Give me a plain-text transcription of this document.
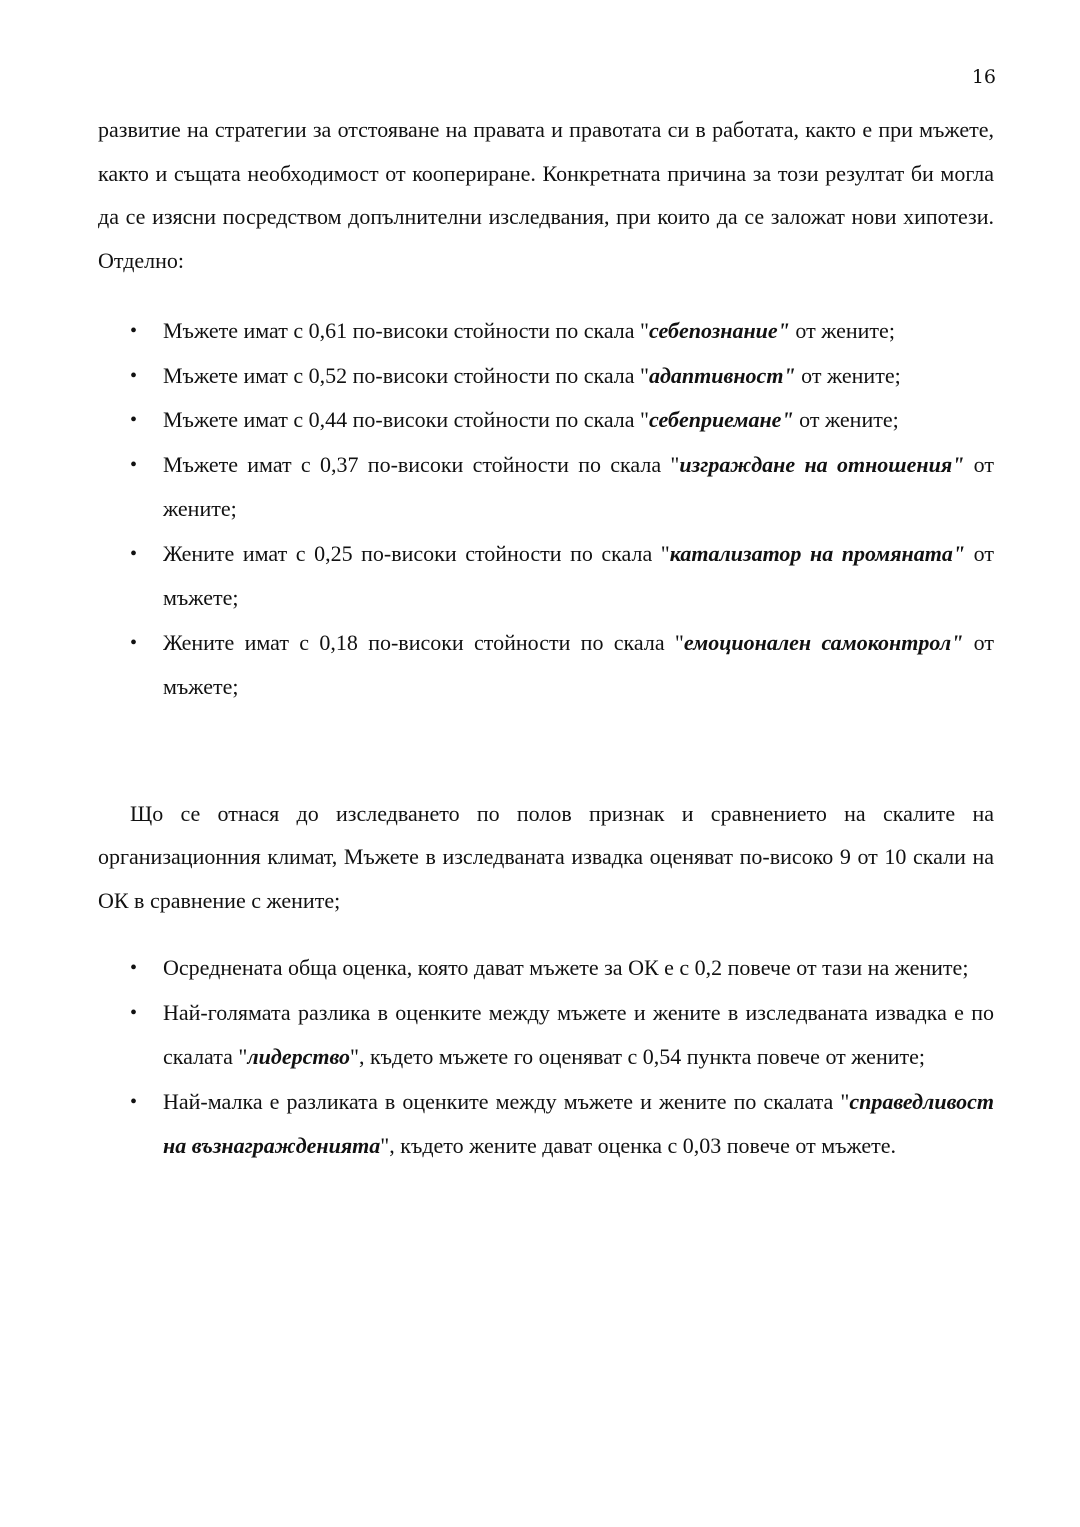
16

развитие на стратегии за отстояване на правата и правотата си в работата, както е при мъжете, както и същата необходимост от коопериране. Конкретната причина за този резултат би могла да се изясни посредством допълнителни изследвания, при които да се заложат нови хипотези. Отделно:

• Мъжете имат с 0,61 по-високи стойности по скала "себепознание" от жените;
• Мъжете имат с 0,52 по-високи стойности по скала "адаптивност" от жените;
• Мъжете имат с 0,44 по-високи стойности по скала "себеприемане" от жените;
• Мъжете имат с 0,37 по-високи стойности по скала "изграждане на отношения" от жените;
• Жените имат с 0,25 по-високи стойности по скала "катализатор на промяната" от мъжете;
• Жените имат с 0,18 по-високи стойности по скала "емоционален самоконтрол" от мъжете;

Що се отнася до изследването по полов признак и сравнението на скалите на организационния климат, Мъжете в изследваната извадка оценяват по-високо 9 от 10 скали на ОК в сравнение с жените;

• Осреднената обща оценка, която дават мъжете за ОК е с 0,2 повече от тази на жените;
• Най-голямата разлика в оценките между мъжете и жените в изследваната извадка е по скалата "лидерство", където мъжете го оценяват с 0,54 пункта повече от жените;
• Най-малка е разликата в оценките между мъжете и жените по скалата "справедливост на възнагражденията", където жените дават оценка с 0,03 повече от мъжете.
